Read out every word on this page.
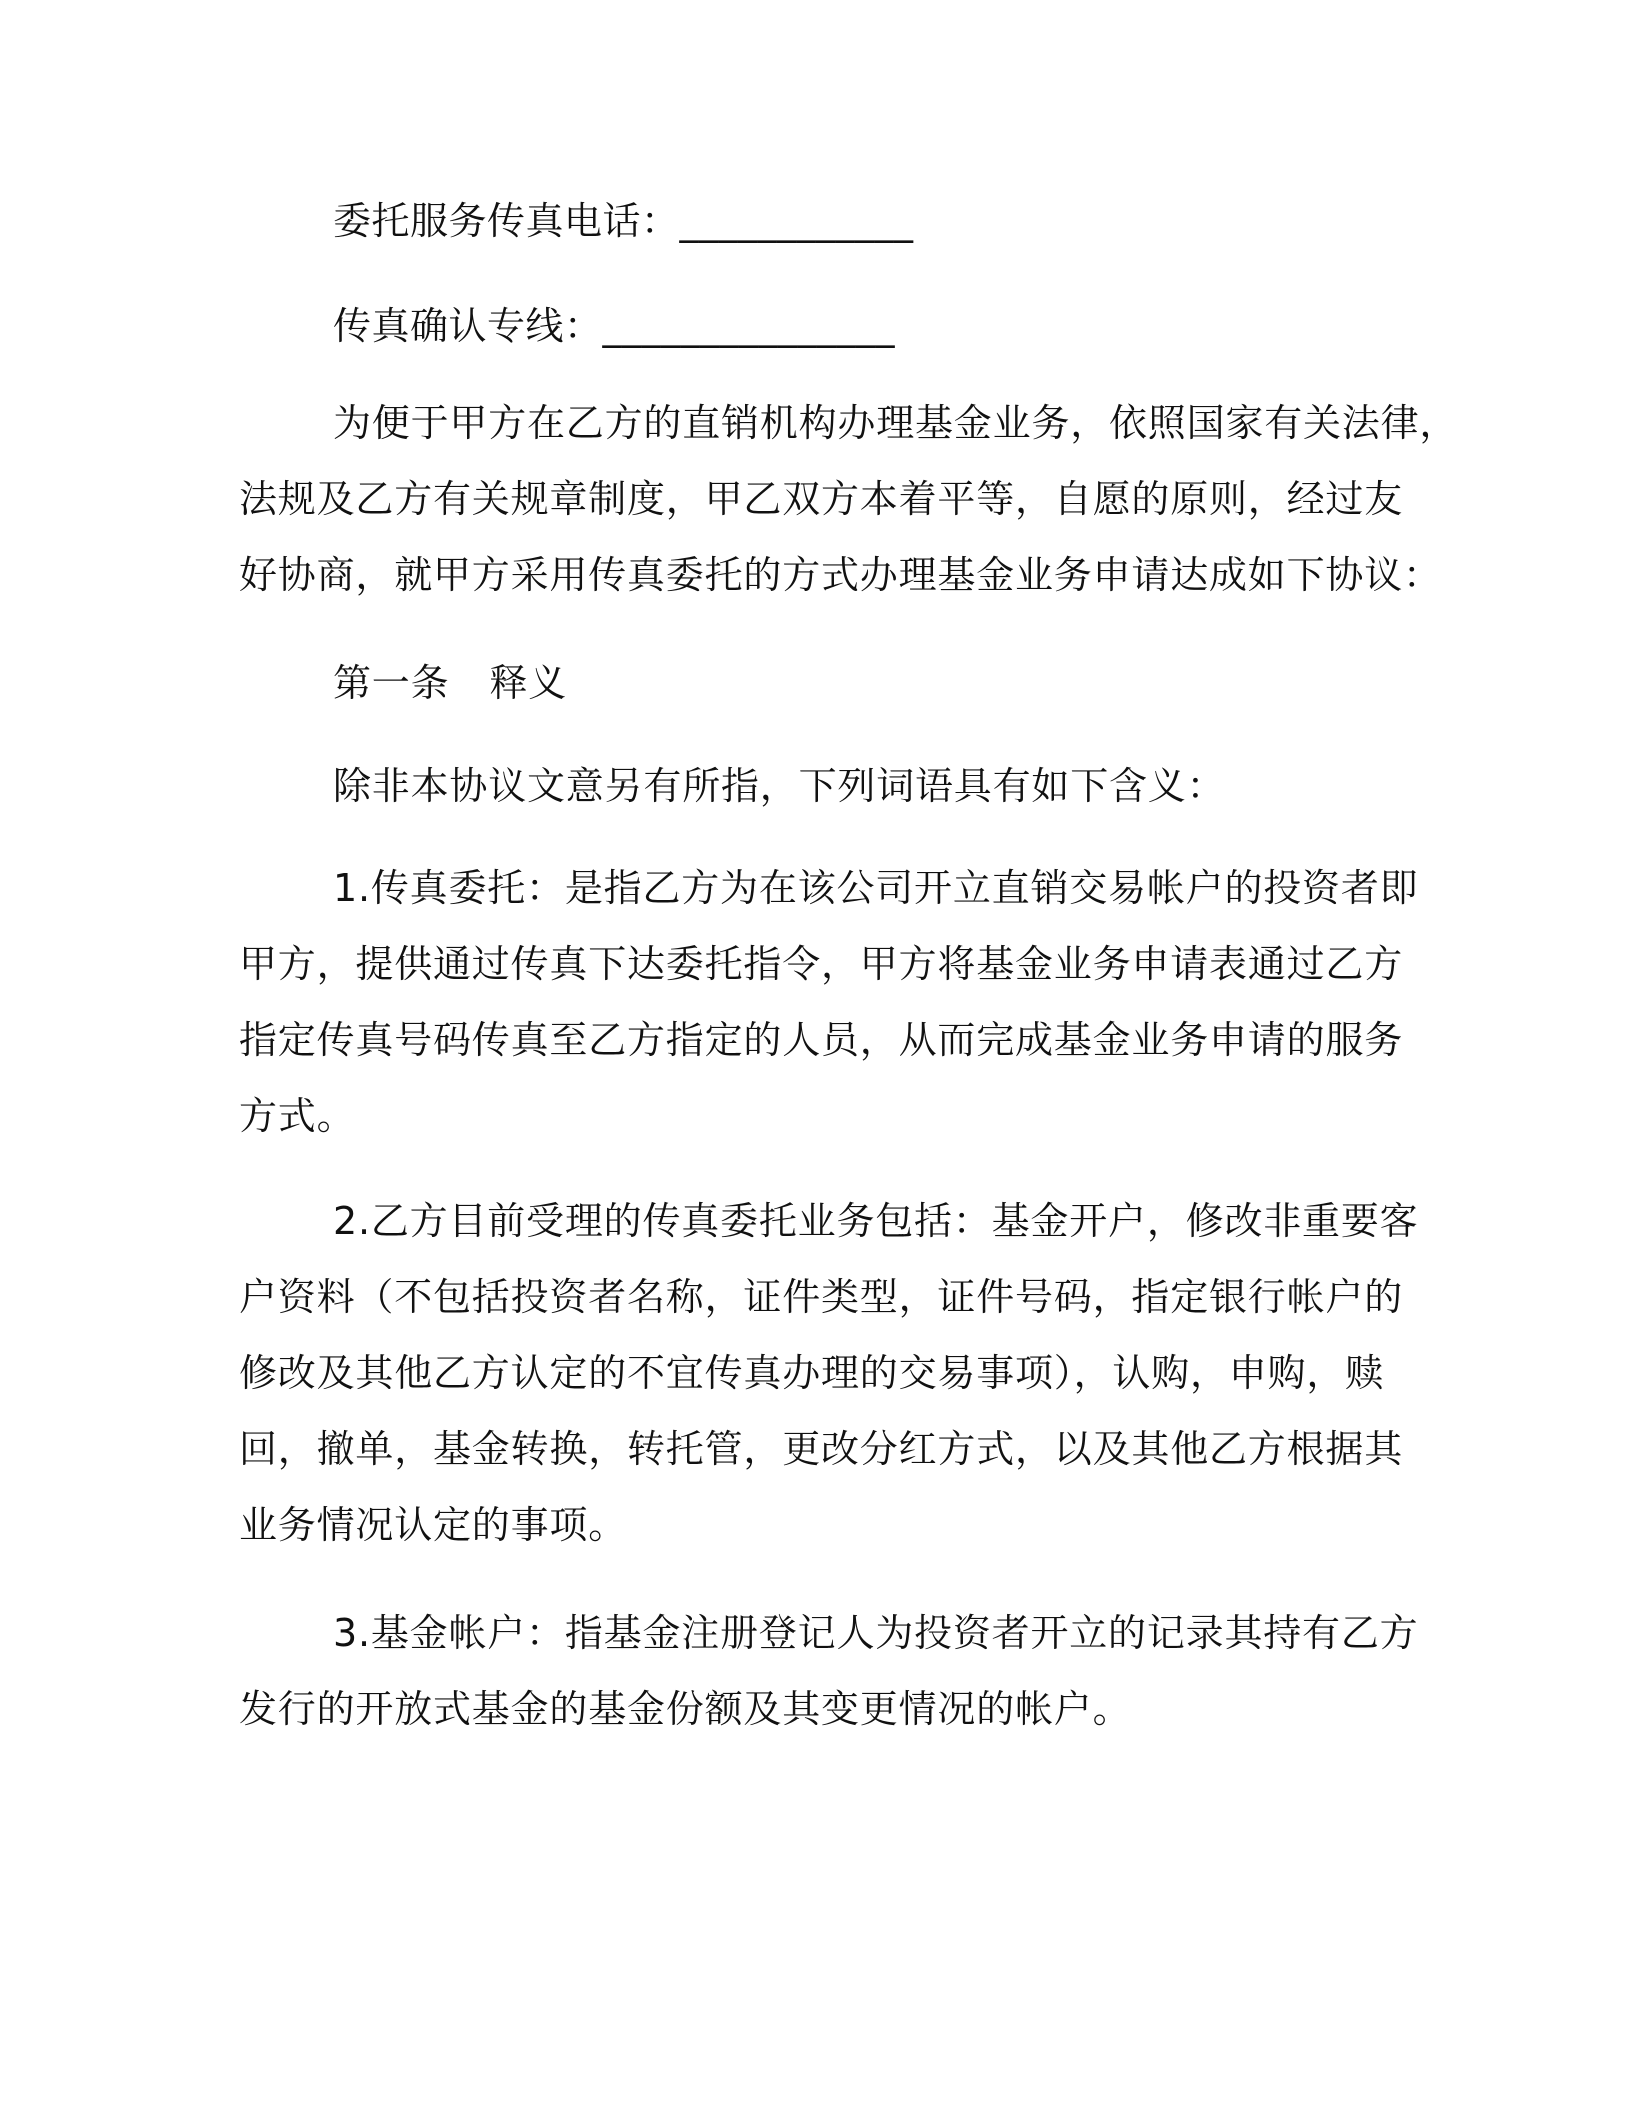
委托服务传真电话：____________
传真确认专线：_______________
为便于甲方在乙方的直销机构办理基金业务，依照国家有关法律，
法规及乙方有关规章制度，甲乙双方本着平等，自愿的原则，经过友
好协商，就甲方采用传真委托的方式办理基金业务申请达成如下协议：
第一条 释义
除非本协议文意另有所指，下列词语具有如下含义：
1.传真委托：是指乙方为在该公司开立直销交易帐户的投资者即
甲方，提供通过传真下达委托指令，甲方将基金业务申请表通过乙方
指定传真号码传真至乙方指定的人员，从而完成基金业务申请的服务
方式。
2.乙方目前受理的传真委托业务包括：基金开户，修改非重要客
户资料（不包括投资者名称，证件类型，证件号码，指定银行帐户的
修改及其他乙方认定的不宜传真办理的交易事项），认购，申购，赎
回，撤单，基金转换，转托管，更改分红方式，以及其他乙方根据其
业务情况认定的事项。
3.基金帐户：指基金注册登记人为投资者开立的记录其持有乙方
发行的开放式基金的基金份额及其变更情况的帐户。
